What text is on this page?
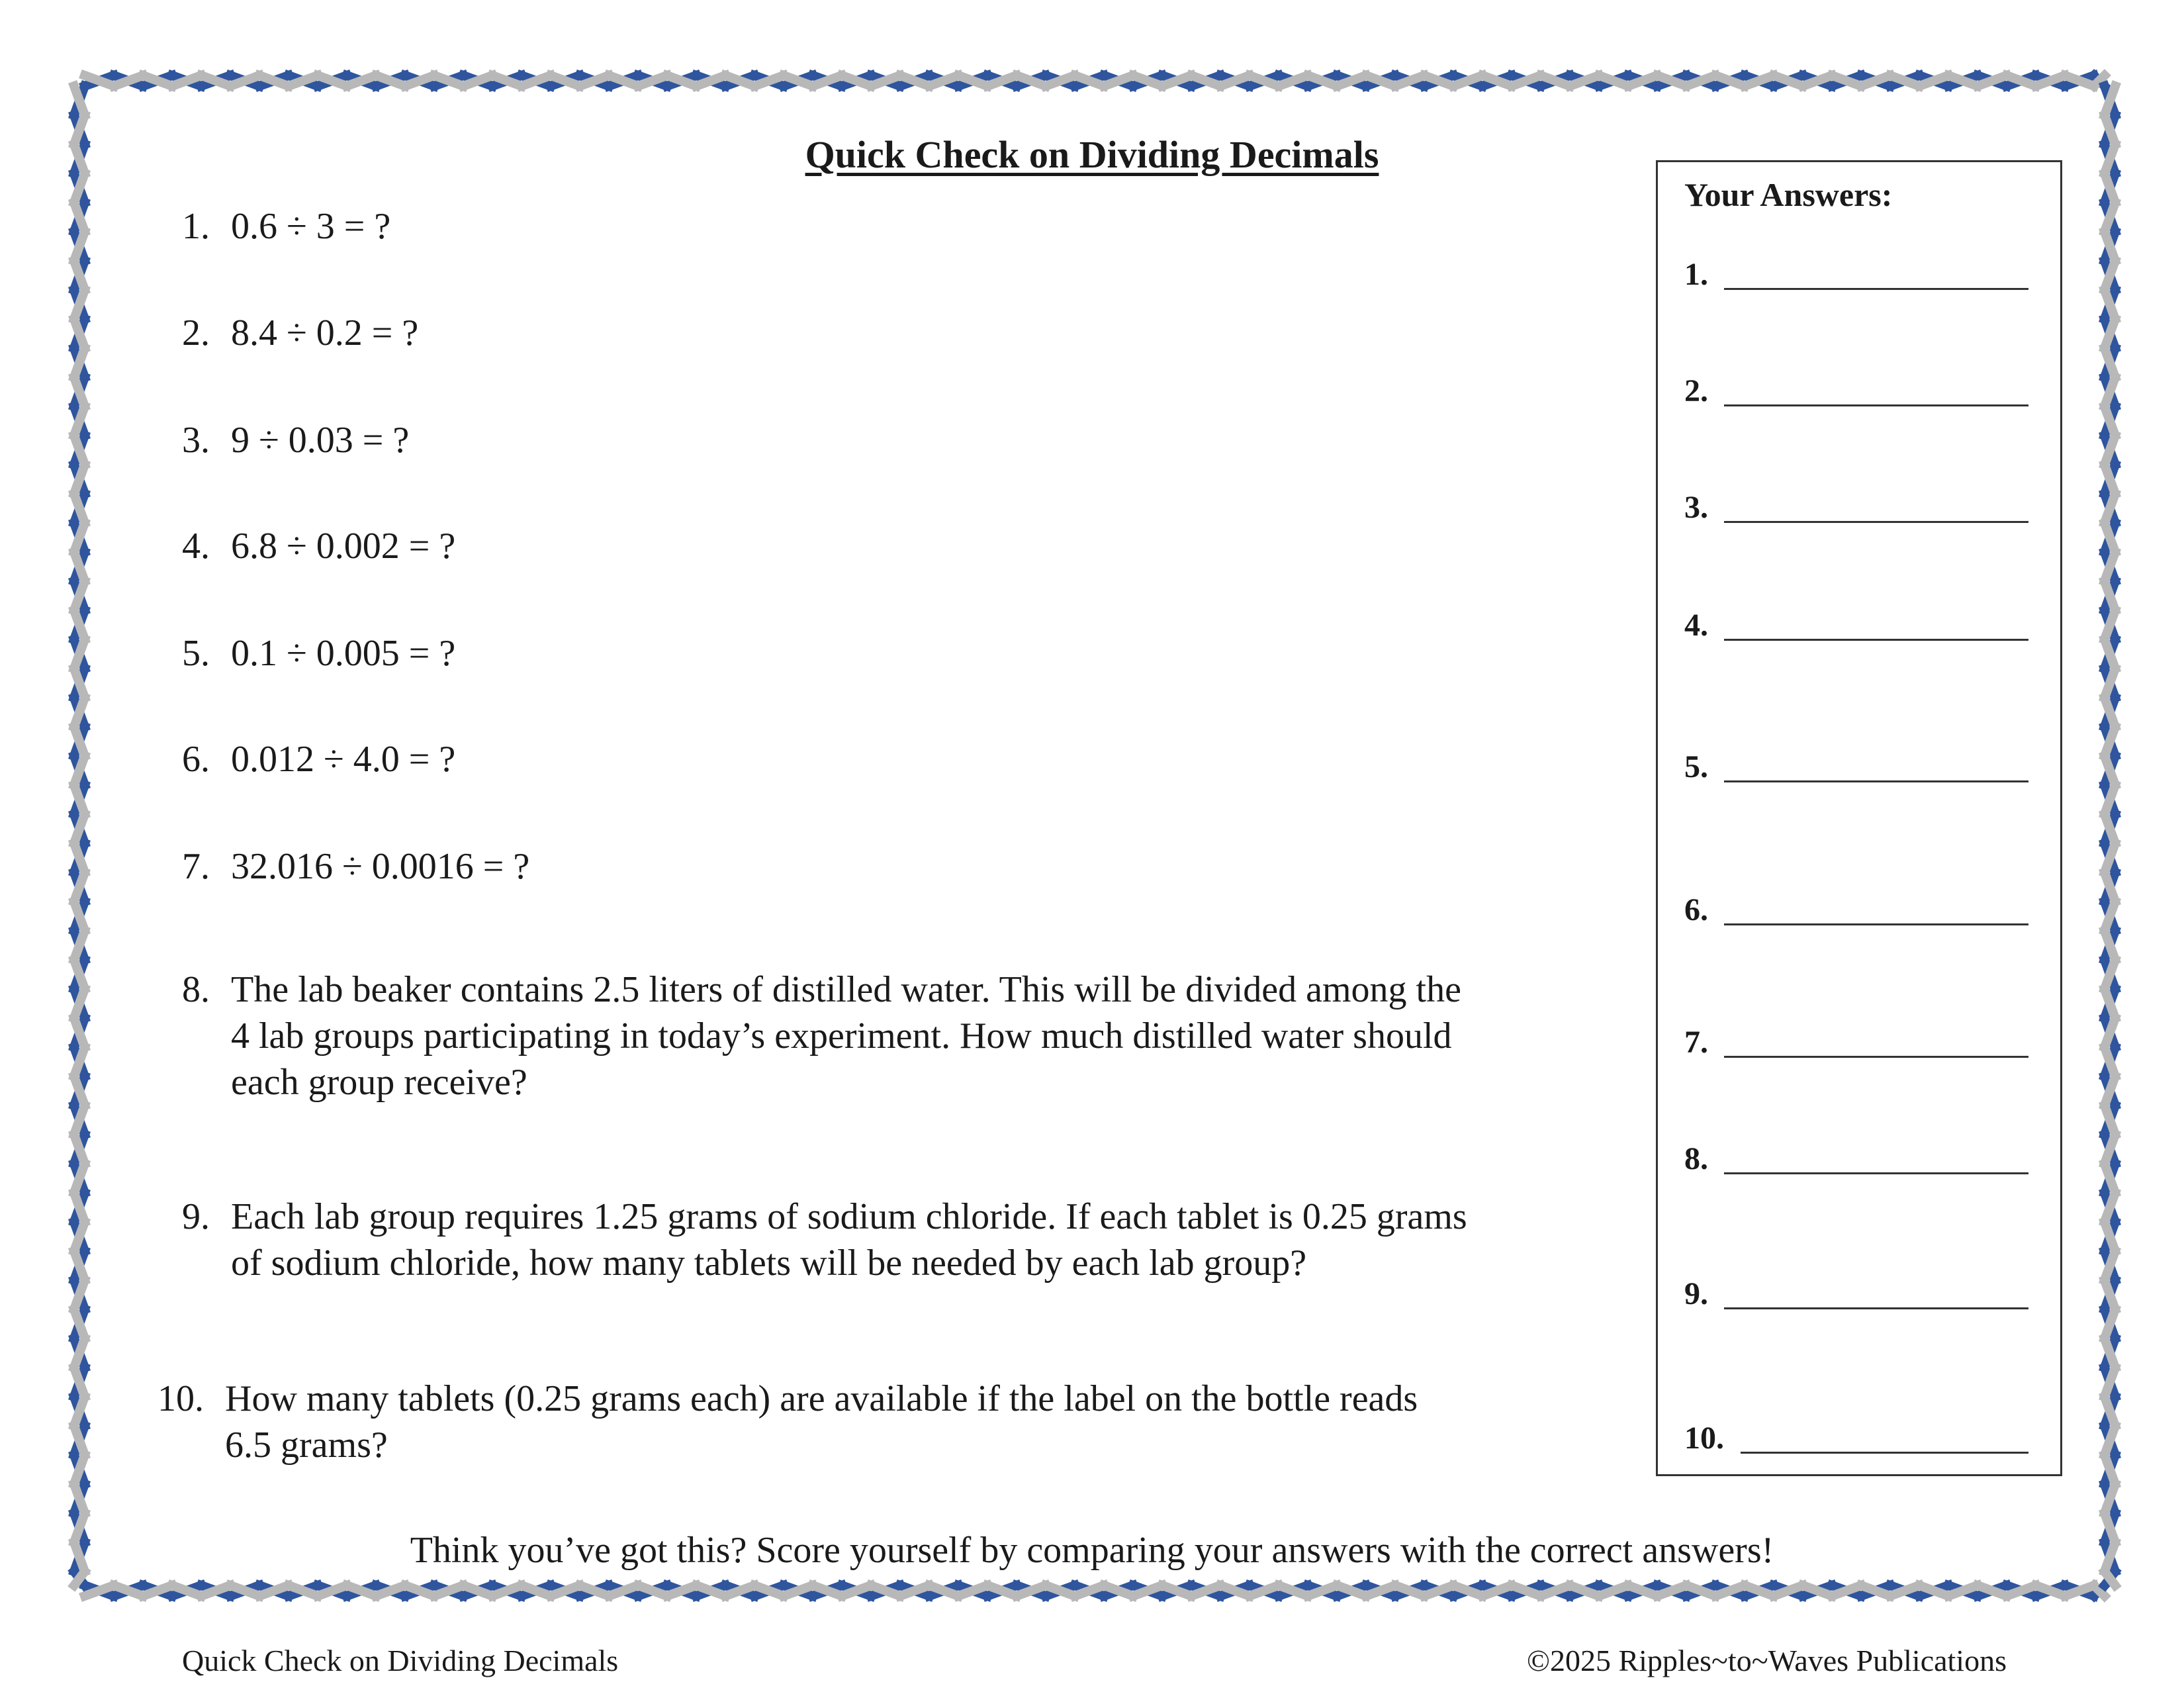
Quick Check on Dividing Decimals
1. 0.6 ÷ 3 = ?
2. 8.4 ÷ 0.2 = ?
3. 9 ÷ 0.03 = ?
4. 6.8 ÷ 0.002 = ?
5. 0.1 ÷ 0.005 = ?
6. 0.012 ÷ 4.0 = ?
7. 32.016 ÷ 0.0016 = ?
8. The lab beaker contains 2.5 liters of distilled water. This will be divided among the
4 lab groups participating in today’s experiment. How much distilled water should
each group receive?
9. Each lab group requires 1.25 grams of sodium chloride. If each tablet is 0.25 grams
of sodium chloride, how many tablets will be needed by each lab group?
10. How many tablets (0.25 grams each) are available if the label on the bottle reads
6.5 grams?
Your Answers:
1.
2.
3.
4.
5.
6.
7.
8.
9.
10.
Think you’ve got this? Score yourself by comparing your answers with the correct answers!
Quick Check on Dividing Decimals	©2025 Ripples~to~Waves Publications
